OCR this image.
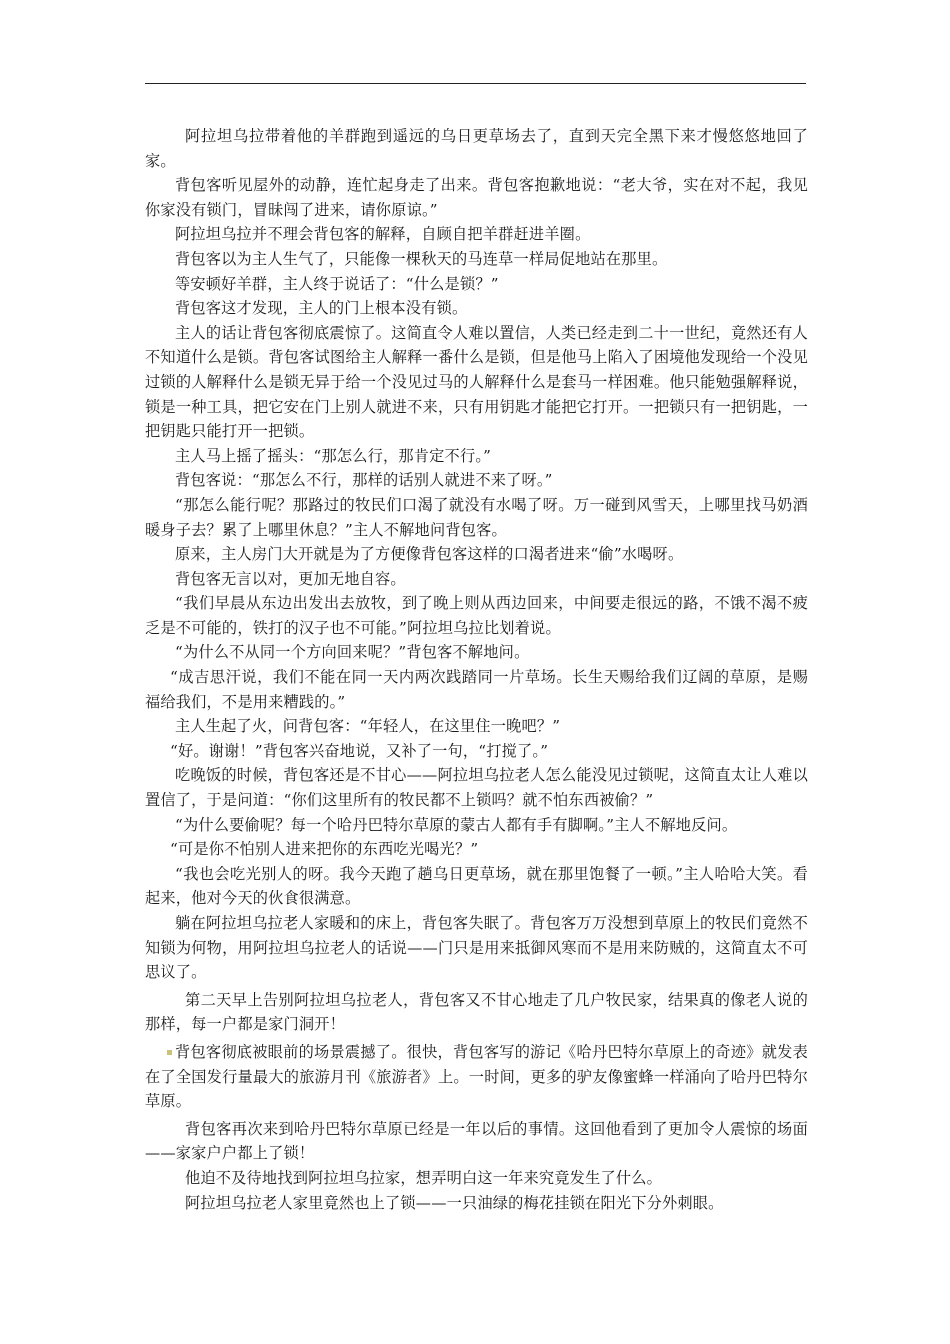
阿拉坦乌拉带着他的羊群跑到遥远的乌日更草场去了，直到天完全黑下来才慢悠悠地回了家。

背包客听见屋外的动静，连忙起身走了出来。背包客抱歉地说：“老大爷，实在对不起，我见你家没有锁门，冒昧闯了进来，请你原谅。”

阿拉坦乌拉并不理会背包客的解释，自顾自把羊群赶进羊圈。

背包客以为主人生气了，只能像一棵秋天的马连草一样局促地站在那里。

等安顿好羊群，主人终于说话了：“什么是锁？”

背包客这才发现，主人的门上根本没有锁。

主人的话让背包客彻底震惊了。这简直令人难以置信，人类已经走到二十一世纪，竟然还有人不知道什么是锁。背包客试图给主人解释一番什么是锁，但是他马上陷入了困境他发现给一个没见过锁的人解释什么是锁无异于给一个没见过马的人解释什么是套马一样困难。他只能勉强解释说，锁是一种工具，把它安在门上别人就进不来，只有用钥匙才能把它打开。一把锁只有一把钥匙，一把钥匙只能打开一把锁。

主人马上摇了摇头：“那怎么行，那肯定不行。”

背包客说：“那怎么不行，那样的话别人就进不来了呀。”

“那怎么能行呢？那路过的牧民们口渴了就没有水喝了呀。万一碰到风雪天，上哪里找马奶酒暖身子去？累了上哪里休息？”主人不解地问背包客。

原来，主人房门大开就是为了方便像背包客这样的口渴者进来“偷”水喝呀。

背包客无言以对，更加无地自容。

“我们早晨从东边出发出去放牧，到了晚上则从西边回来，中间要走很远的路，不饿不渴不疲乏是不可能的，铁打的汉子也不可能。”阿拉坦乌拉比划着说。

“为什么不从同一个方向回来呢？”背包客不解地问。

“成吉思汗说，我们不能在同一天内两次践踏同一片草场。长生天赐给我们辽阔的草原，是赐福给我们，不是用来糟践的。”

主人生起了火，问背包客：“年轻人，在这里住一晚吧？”

“好。谢谢！”背包客兴奋地说，又补了一句，“打搅了。”

吃晚饭的时候，背包客还是不甘心——阿拉坦乌拉老人怎么能没见过锁呢，这简直太让人难以置信了，于是问道：“你们这里所有的牧民都不上锁吗？就不怕东西被偷？”

“为什么要偷呢？每一个哈丹巴特尔草原的蒙古人都有手有脚啊。”主人不解地反问。

“可是你不怕别人进来把你的东西吃光喝光？”

“我也会吃光别人的呀。我今天跑了趟乌日更草场，就在那里饱餐了一顿。”主人哈哈大笑。看起来，他对今天的伙食很满意。

躺在阿拉坦乌拉老人家暖和的床上，背包客失眠了。背包客万万没想到草原上的牧民们竟然不知锁为何物，用阿拉坦乌拉老人的话说——门只是用来抵御风寒而不是用来防贼的，这简直太不可思议了。

第二天早上告别阿拉坦乌拉老人，背包客又不甘心地走了几户牧民家，结果真的像老人说的那样，每一户都是家门洞开！

背包客彻底被眼前的场景震撼了。很快，背包客写的游记《哈丹巴特尔草原上的奇迹》就发表在了全国发行量最大的旅游月刊《旅游者》上。一时间，更多的驴友像蜜蜂一样涌向了哈丹巴特尔草原。

背包客再次来到哈丹巴特尔草原已经是一年以后的事情。这回他看到了更加令人震惊的场面——家家户户都上了锁！

他迫不及待地找到阿拉坦乌拉家，想弄明白这一年来究竟发生了什么。

阿拉坦乌拉老人家里竟然也上了锁——一只油绿的梅花挂锁在阳光下分外刺眼。
